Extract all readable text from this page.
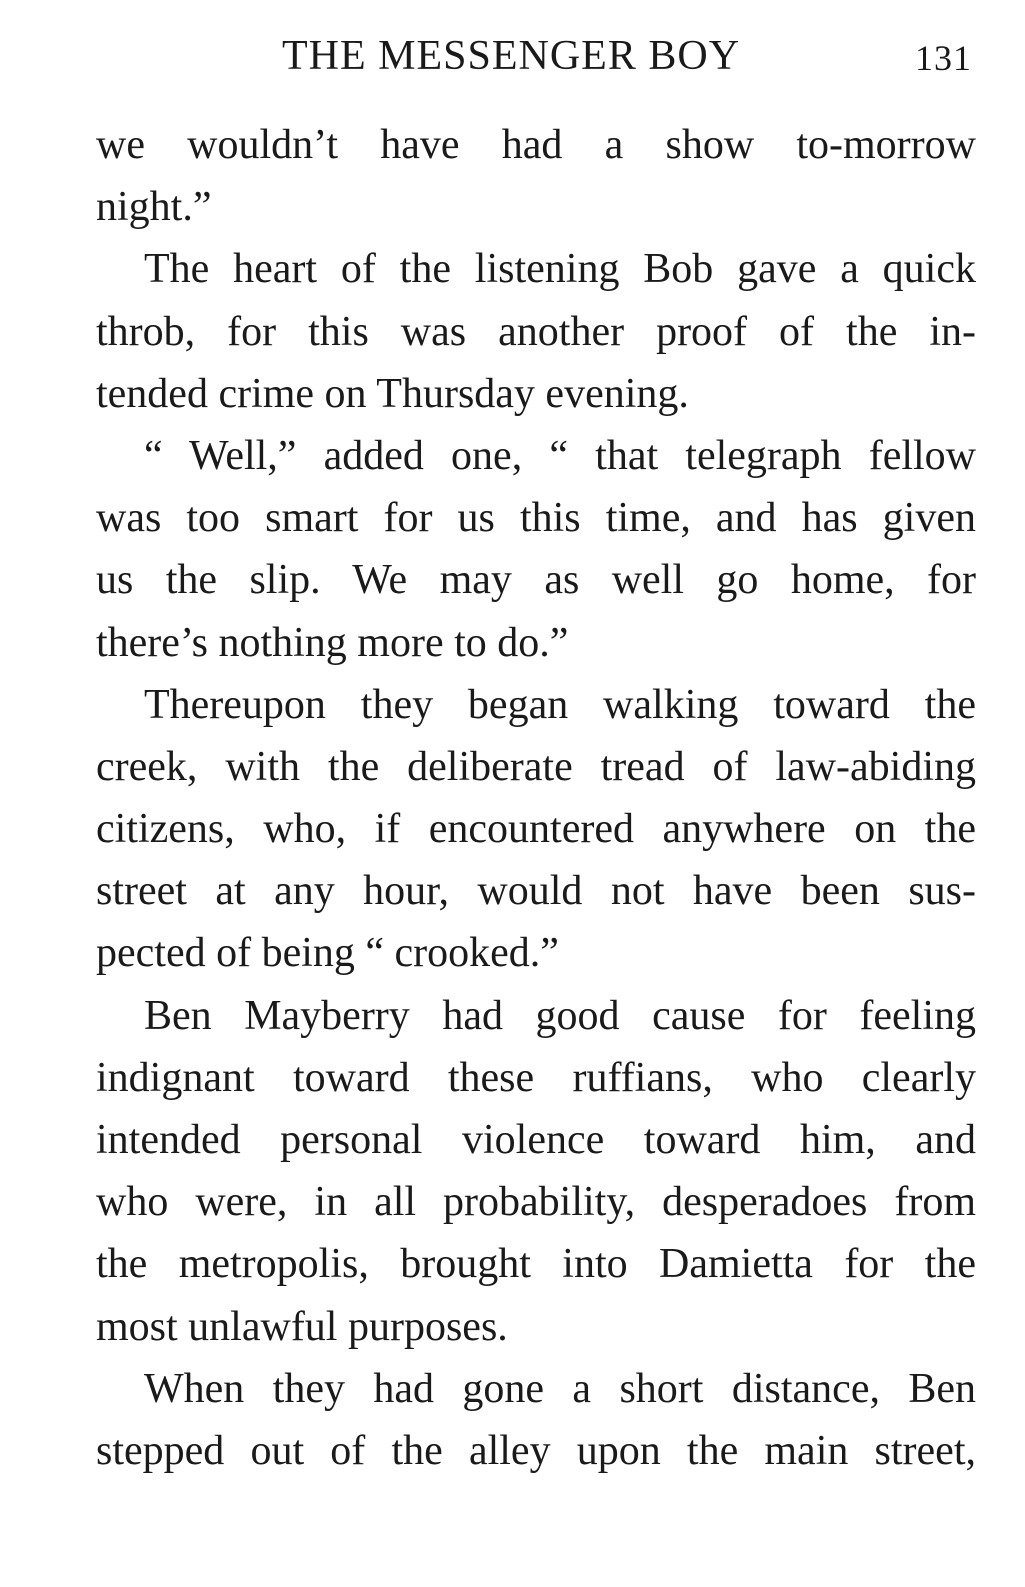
THE MESSENGER BOY	131
we wouldn’t have had a show to-morrow
night.”
The heart of the listening Bob gave a quick
throb, for this was another proof of the in-
tended crime on Thursday evening.
“ Well,” added one, “ that telegraph fellow
was too smart for us this time, and has given
us the slip. We may as well go home, for
there’s nothing more to do.”
Thereupon they began walking toward the
creek, with the deliberate tread of law-abiding
citizens, who, if encountered anywhere on the
street at any hour, would not have been sus-
pected of being “ crooked.”
Ben Mayberry had good cause for feeling
indignant toward these ruffians, who clearly
intended personal violence toward him, and
who were, in all probability, desperadoes from
the metropolis, brought into Damietta for the
most unlawful purposes.
When they had gone a short distance, Ben
stepped out of the alley upon the main street,
